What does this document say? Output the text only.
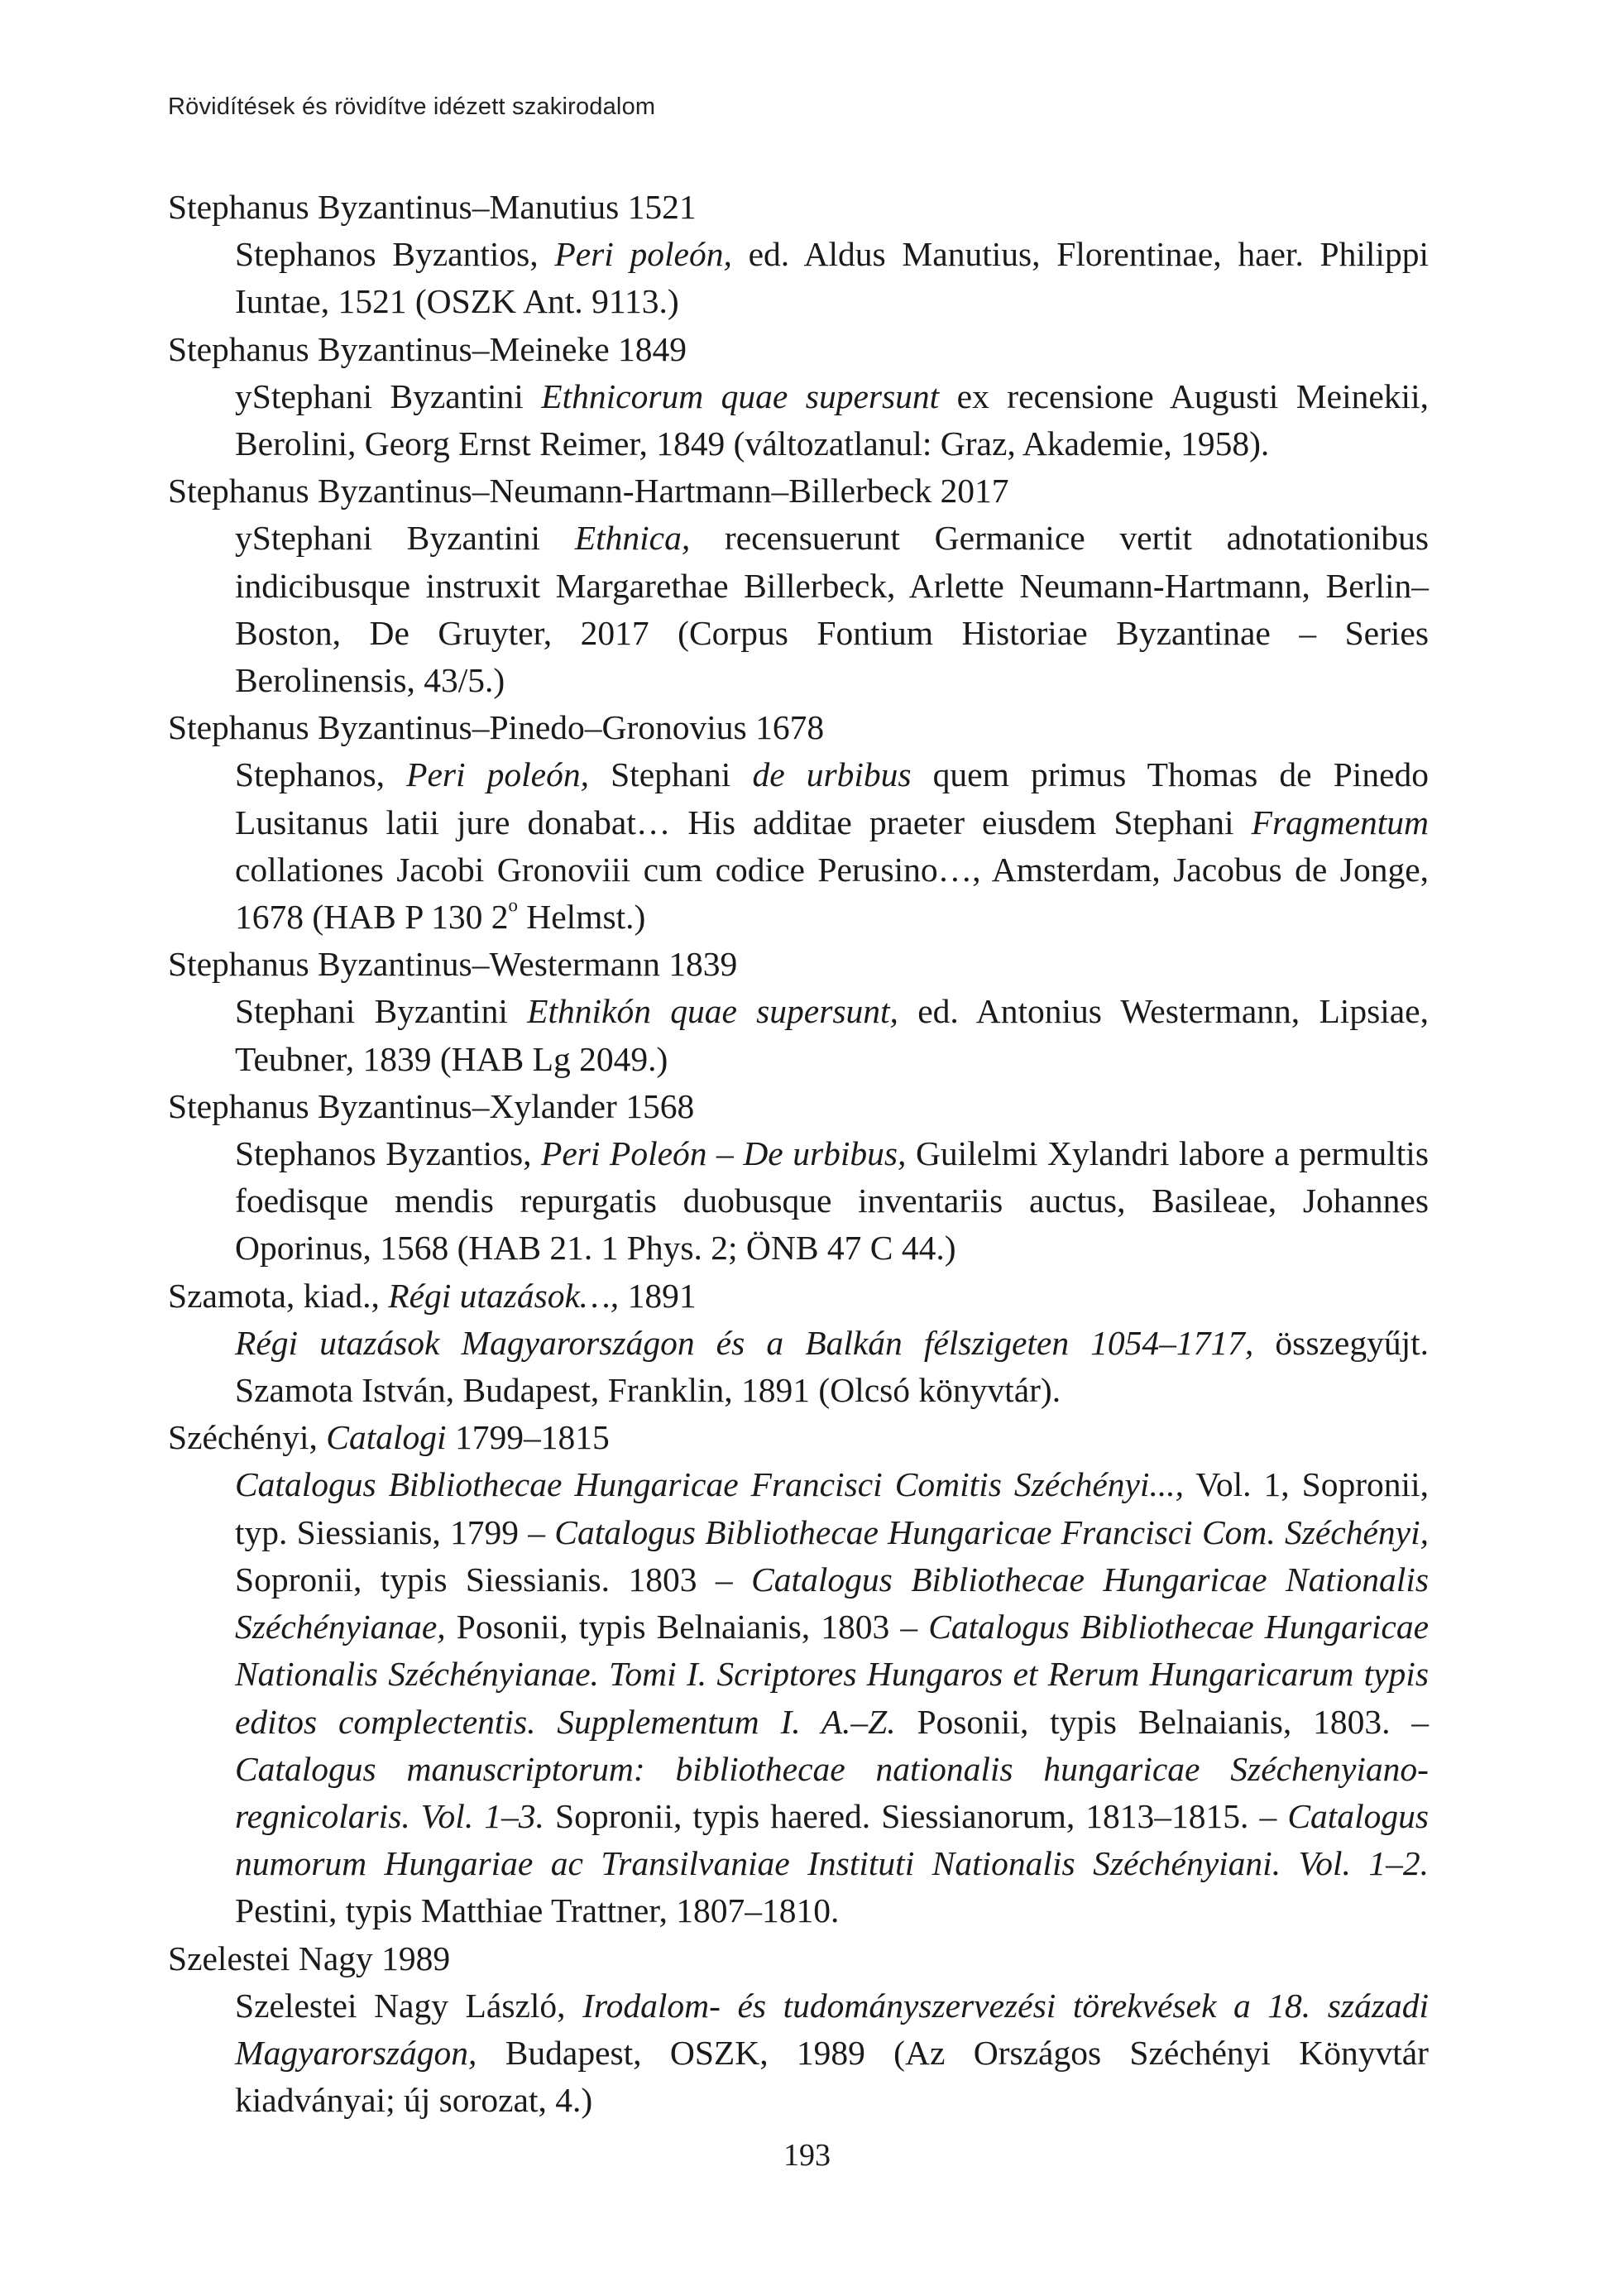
Rövidítések és rövidítve idézett szakirodalom
Stephanus Byzantinus–Manutius 1521
Stephanos Byzantios, Peri poleón, ed. Aldus Manutius, Florentinae, haer. Philippi Iuntae, 1521 (OSZK Ant. 9113.)
Stephanus Byzantinus–Meineke 1849
yStephani Byzantini Ethnicorum quae supersunt ex recensione Augusti Meinekii, Berolini, Georg Ernst Reimer, 1849 (változatlanul: Graz, Akademie, 1958).
Stephanus Byzantinus–Neumann-Hartmann–Billerbeck 2017
yStephani Byzantini Ethnica, recensuerunt Germanice vertit adnotationibus indicibusque instruxit Margarethae Billerbeck, Arlette Neumann-Hartmann, Berlin–Boston, De Gruyter, 2017 (Corpus Fontium Historiae Byzantinae – Series Berolinensis, 43/5.)
Stephanus Byzantinus–Pinedo–Gronovius 1678
Stephanos, Peri poleón, Stephani de urbibus quem primus Thomas de Pinedo Lusitanus latii jure donabat… His additae praeter eiusdem Stephani Fragmentum collationes Jacobi Gronoviii cum codice Perusino…, Amsterdam, Jacobus de Jonge, 1678 (HAB P 130 2$^o$ Helmst.)
Stephanus Byzantinus–Westermann 1839
Stephani Byzantini Ethnikón quae supersunt, ed. Antonius Westermann, Lipsiae, Teubner, 1839 (HAB Lg 2049.)
Stephanus Byzantinus–Xylander 1568
Stephanos Byzantios, Peri Poleón – De urbibus, Guilelmi Xylandri labore a permultis foedisque mendis repurgatis duobusque inventariis auctus, Basileae, Johannes Oporinus, 1568 (HAB 21. 1 Phys. 2; ÖNB 47 C 44.)
Szamota, kiad., Régi utazások…, 1891
Régi utazások Magyarországon és a Balkán félszigeten 1054–1717, összegyűjt. Szamota István, Budapest, Franklin, 1891 (Olcsó könyvtár).
Széchényi, Catalogi 1799–1815
Catalogus Bibliothecae Hungaricae Francisci Comitis Széchényi..., Vol. 1, Sopronii, typ. Siessianis, 1799 – Catalogus Bibliothecae Hungaricae Francisci Com. Széchényi, Sopronii, typis Siessianis. 1803 – Catalogus Bibliothecae Hungaricae Nationalis Széchényianae, Posonii, typis Belnaianis, 1803 – Catalogus Bibliothecae Hungaricae Nationalis Széchényianae. Tomi I. Scriptores Hungaros et Rerum Hungaricarum typis editos complectentis. Supplementum I. A.–Z. Posonii, typis Belnaianis, 1803. – Catalogus manuscriptorum: bibliothecae nationalis hungaricae Széchenyiano-regnicolaris. Vol. 1–3. Sopronii, typis haered. Siessianorum, 1813–1815. – Catalogus numorum Hungariae ac Transilvaniae Instituti Nationalis Széchényiani. Vol. 1–2. Pestini, typis Matthiae Trattner, 1807–1810.
Szelestei Nagy 1989
Szelestei Nagy László, Irodalom- és tudományszervezési törekvések a 18. századi Magyarországon, Budapest, OSZK, 1989 (Az Országos Széchényi Könyvtár kiadványai; új sorozat, 4.)
193
